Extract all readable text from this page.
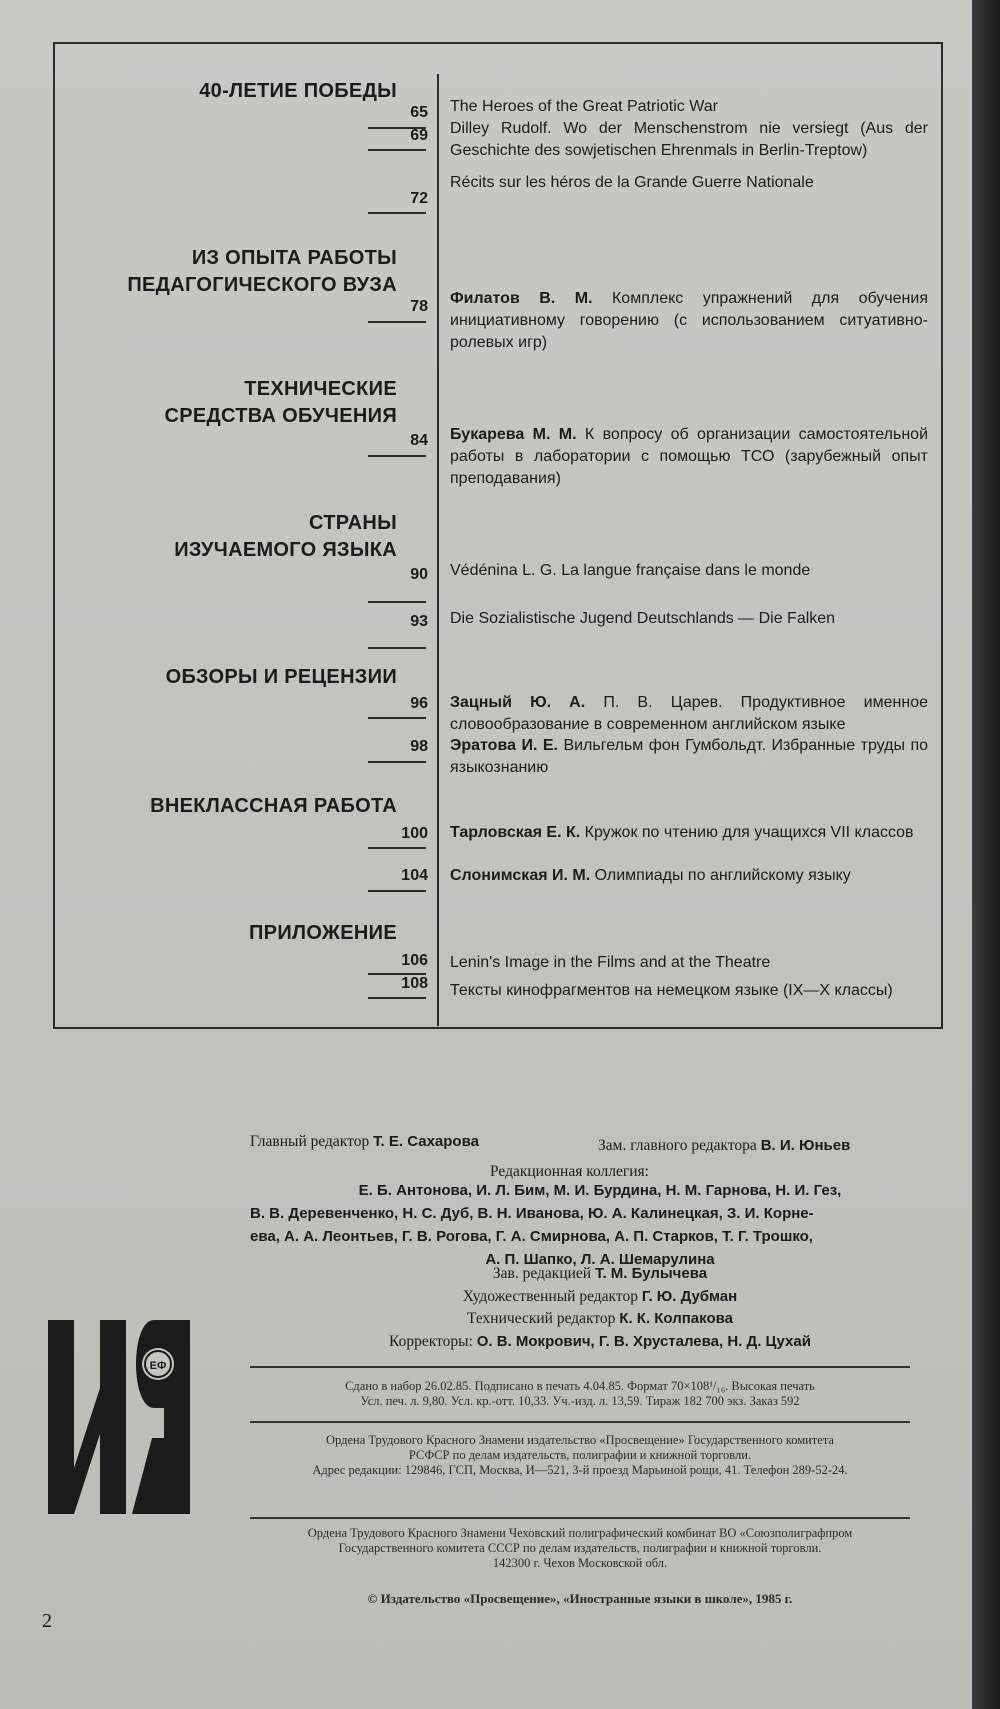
40-ЛЕТИЕ ПОБЕДЫ
65
69
72
The Heroes of the Great Patriotic War
Dilley Rudolf. Wo der Menschenstrom nie versiegt (Aus der Geschichte des sowjetischen Ehrenmals in Berlin-Treptow)
Récits sur les héros de la Grande Guerre Nationale
ИЗ ОПЫТА РАБОТЫ
ПЕДАГОГИЧЕСКОГО ВУЗА
78 Филатов В. М. Комплекс упражнений для обучения инициативному говорению (с использованием ситуативно-ролевых игр)
ТЕХНИЧЕСКИЕ
СРЕДСТВА ОБУЧЕНИЯ
84 Букарева М. М. К вопросу об организации самостоятельной работы в лаборатории с помощью ТСО (зарубежный опыт преподавания)
СТРАНЫ
ИЗУЧАЕМОГО ЯЗЫКА
90
93
Védénina L. G. La langue française dans le monde
Die Sozialistische Jugend Deutschlands — Die Falken
ОБЗОРЫ И РЕЦЕНЗИИ
96
98
Зацный Ю. А. П. В. Царев. Продуктивное именное словообразование в современном английском языке
Эратова И. Е. Вильгельм фон Гумбольдт. Избранные труды по языкознанию
ВНЕКЛАССНАЯ РАБОТА
100
104
Тарловская Е. К. Кружок по чтению для учащихся VII классов
Слонимская И. М. Олимпиады по английскому языку
ПРИЛОЖЕНИЕ
106
108
Lenin's Image in the Films and at the Theatre
Тексты кинофрагментов на немецком языке (IX—X классы)
Главный редактор Т. Е. Сахарова	Зам. главного редактора В. И. Юньев
Редакционная коллегия:
Е. Б. Антонова, И. Л. Бим, М. И. Бурдина, Н. М. Гарнова, Н. И. Гез,
В. В. Деревенченко, Н. С. Дуб, В. Н. Иванова, Ю. А. Калинецкая, З. И. Корне-
ева, А. А. Леонтьев, Г. В. Рогова, Г. А. Смирнова, А. П. Старков, Т. Г. Трошко,
А. П. Шапко, Л. А. Шемарулина
Зав. редакцией Т. М. Булычева
Художественный редактор Г. Ю. Дубман
Технический редактор К. К. Колпакова
Корректоры: О. В. Мокрович, Г. В. Хрусталева, Н. Д. Цухай
Сдано в набор 26.02.85. Подписано в печать 4.04.85. Формат 70×108¹/₁₆. Высокая печать
Усл. печ. л. 9,80. Усл. кр.-отт. 10,33. Уч.-изд. л. 13,59. Тираж 182 700 экз. Заказ 592
Ордена Трудового Красного Знамени издательство «Просвещение» Государственного комитета
РСФСР по делам издательств, полиграфии и книжной торговли.
Адрес редакции: 129846, ГСП, Москва, И—521, 3-й проезд Марьиной рощи, 41. Телефон 289-52-24.
Ордена Трудового Красного Знамени Чеховский полиграфический комбинат ВО «Союзполиграфпром
Государственного комитета СССР по делам издательств, полиграфии и книжной торговли.
142300 г. Чехов Московской обл.
© Издательство «Просвещение», «Иностранные языки в школе», 1985 г.
ЕФ
2
